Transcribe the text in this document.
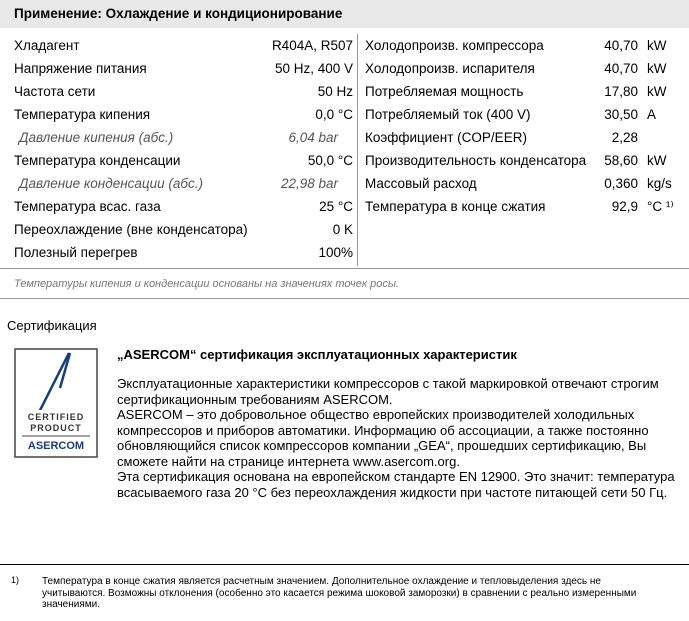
Применение: Охлаждение и кондиционирование
Хладагент	R404A, R507
Напряжение питания	50 Hz, 400 V
Частота сети	50 Hz
Температура кипения	0,0 °C
Давление кипения (абс.)	6,04 bar
Температура конденсации	50,0 °C
Давление конденсации (абс.)	22,98 bar
Температура всас. газа	25 °C
Переохлаждение (вне конденсатора)	0 K
Полезный перегрев	100%
Холодопроизв. компрессора	40,70 kW
Холодопроизв. испарителя	40,70 kW
Потребляемая мощность	17,80 kW
Потребляемый ток (400 V)	30,50 A
Коэффициент (COP/EER)	2,28
Производительность конденсатора 58,60 kW
Массовый расход	0,360 kg/s
Температура в конце сжатия	92,9 °C ¹⁾
Температуры кипения и конденсации основаны на значениях точек росы.
Сертификация
CERTIFIED
PRODUCT
ASERCOM
„ASERCOM“ сертификация эксплуатационных характеристик
Эксплуатационные характеристики компрессоров с такой маркировкой отвечают строгим сертификационным требованиям ASERCOM.
ASERCOM – это добровольное общество европейских производителей холодильных компрессоров и приборов автоматики. Информацию об ассоциации, а также постоянно обновляющийся список компрессоров компании „GEA“, прошедших сертификацию, Вы сможете найти на странице интернета www.asercom.org.
Эта сертификация основана на европейском стандарте EN 12900. Это значит: температура всасываемого газа 20 °C без переохлаждения жидкости при частоте питающей сети 50 Гц.
1) Температура в конце сжатия является расчетным значением. Дополнительное охлаждение и тепловыделения здесь не учитываются. Возможны отклонения (особенно это касается режима шоковой заморозки) в сравнении с реально измеренными значениями.
